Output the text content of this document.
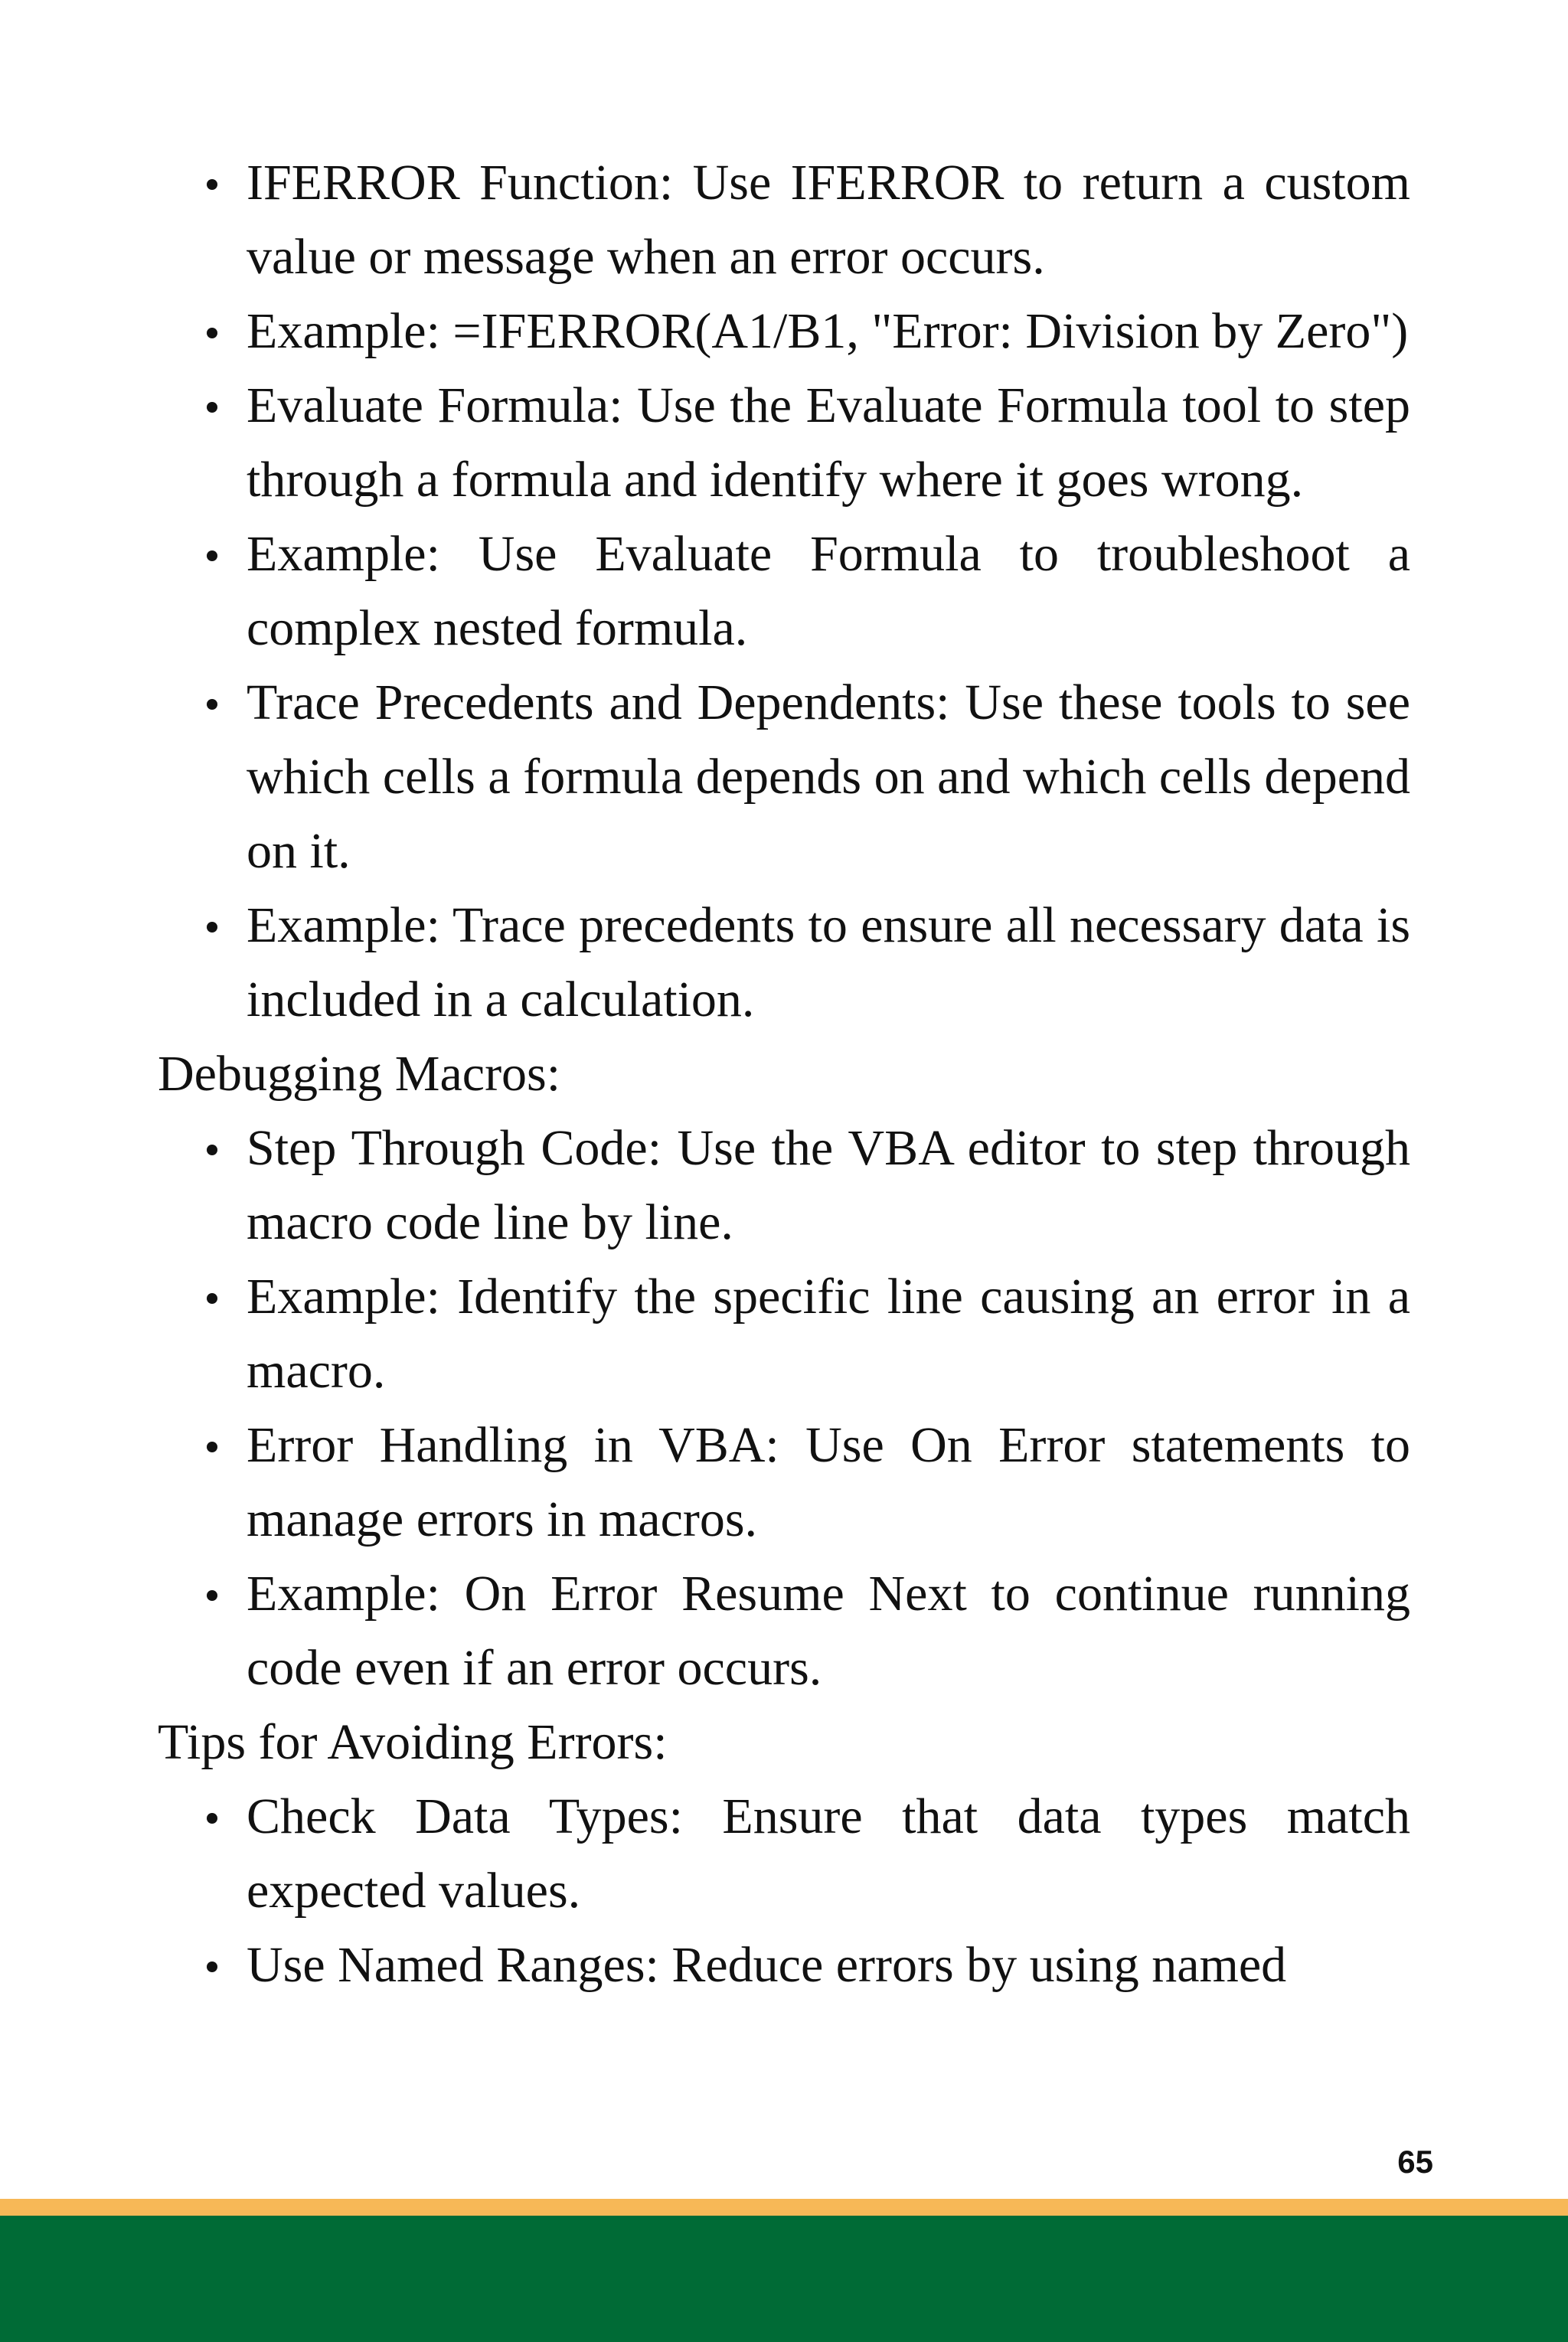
IFERROR Function: Use IFERROR to return a custom value or message when an error occurs.
Example: =IFERROR(A1/B1, "Error: Division by Zero")
Evaluate Formula: Use the Evaluate Formula tool to step through a formula and identify where it goes wrong.
Example: Use Evaluate Formula to troubleshoot a complex nested formula.
Trace Precedents and Dependents: Use these tools to see which cells a formula depends on and which cells depend on it.
Example: Trace precedents to ensure all necessary data is included in a calculation.
Debugging Macros:
Step Through Code: Use the VBA editor to step through macro code line by line.
Example: Identify the specific line causing an error in a macro.
Error Handling in VBA: Use On Error statements to manage errors in macros.
Example: On Error Resume Next to continue running code even if an error occurs.
Tips for Avoiding Errors:
Check Data Types: Ensure that data types match expected values.
Use Named Ranges: Reduce errors by using named
65
